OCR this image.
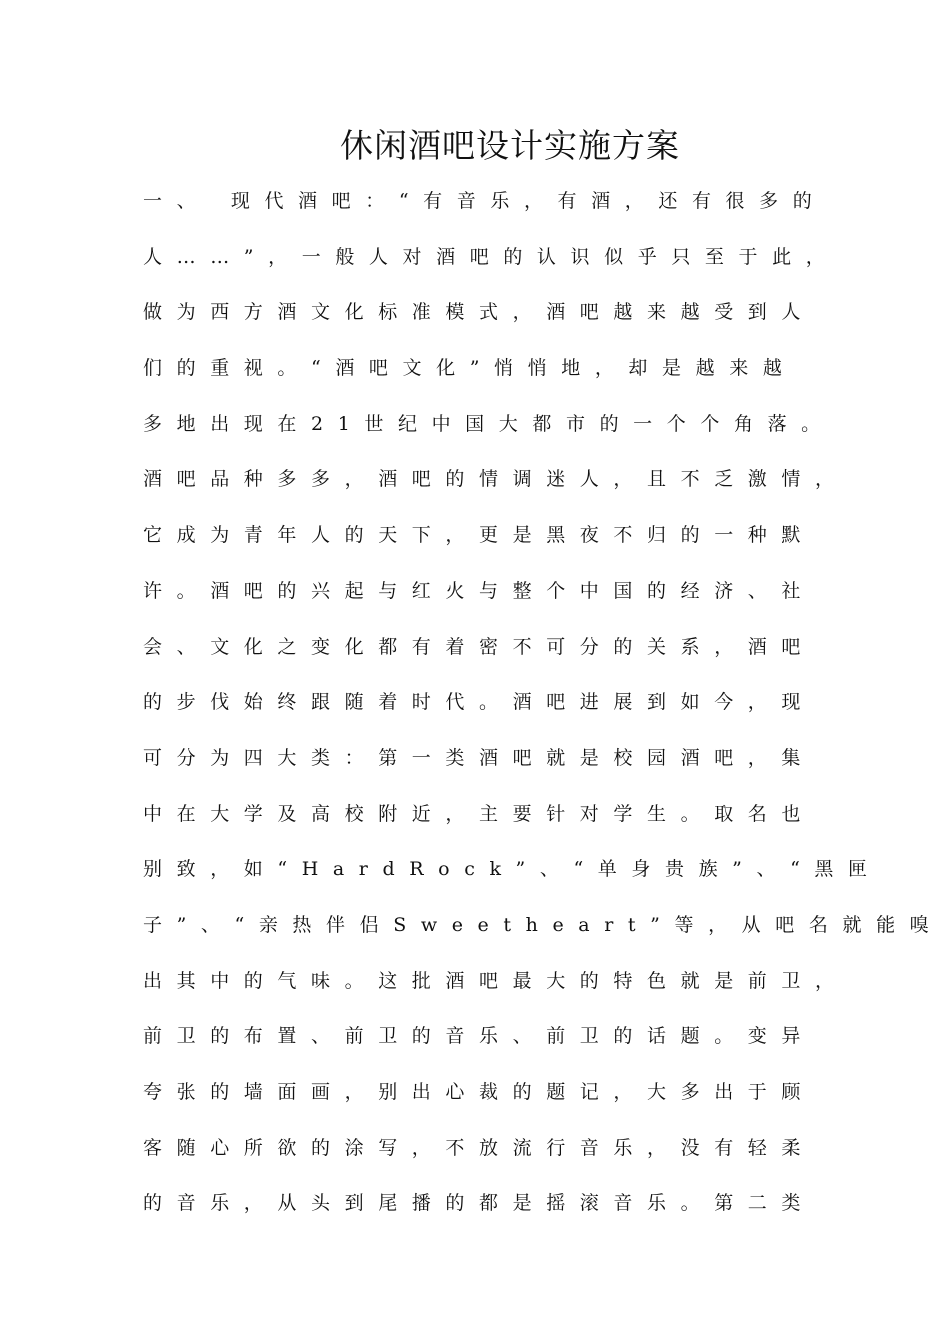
休闲酒吧设计实施方案
一、 现代酒吧：“有音乐，有酒，还有很多的
人……”，一般人对酒吧的认识似乎只至于此，
做为西方酒文化标准模式，酒吧越来越受到人
们的重视。“酒吧文化”悄悄地，却是越来越
多地出现在21世纪中国大都市的一个个角落。
酒吧品种多多，酒吧的情调迷人，且不乏激情，
它成为青年人的天下，更是黑夜不归的一种默
许。酒吧的兴起与红火与整个中国的经济、社
会、文化之变化都有着密不可分的关系，酒吧
的步伐始终跟随着时代。酒吧进展到如今，现
可分为四大类：第一类酒吧就是校园酒吧，集
中在大学及高校附近，主要针对学生。取名也
别致，如“HardRock”、“单身贵族”、“黑匣
子”、“亲热伴侣Sweetheart”等，从吧名就能嗅
出其中的气味。这批酒吧最大的特色就是前卫，
前卫的布置、前卫的音乐、前卫的话题。变异
夸张的墙面画，别出心裁的题记，大多出于顾
客随心所欲的涂写，不放流行音乐，没有轻柔
的音乐，从头到尾播的都是摇滚音乐。第二类
